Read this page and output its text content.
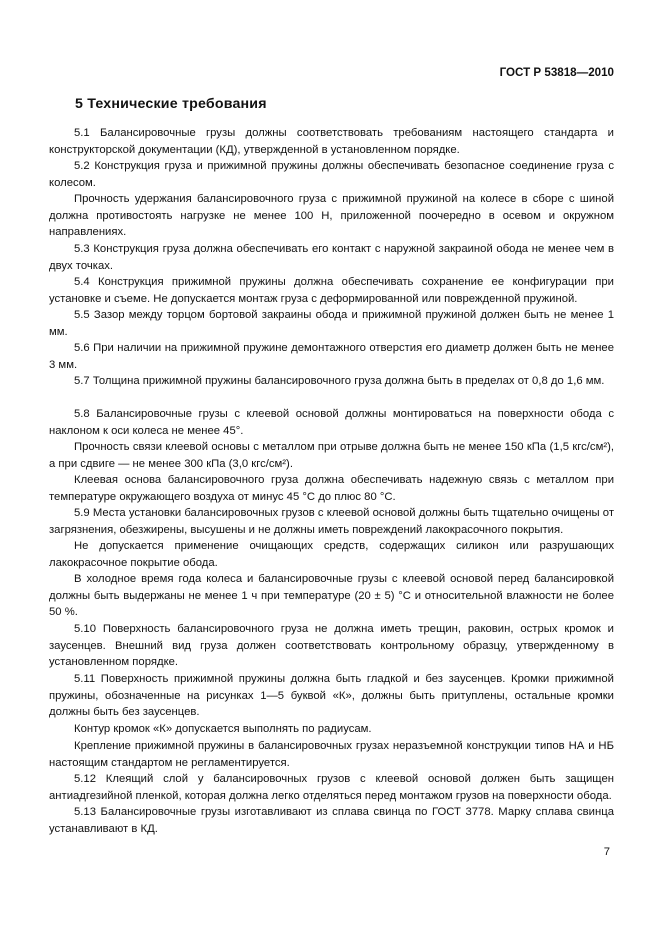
ГОСТ Р 53818—2010
5 Технические требования
5.1 Балансировочные грузы должны соответствовать требованиям настоящего стандарта и конструкторской документации (КД), утвержденной в установленном порядке.
5.2 Конструкция груза и прижимной пружины должны обеспечивать безопасное соединение груза с колесом.
Прочность удержания балансировочного груза с прижимной пружиной на колесе в сборе с шиной должна противостоять нагрузке не менее 100 Н, приложенной поочередно в осевом и окружном направлениях.
5.3 Конструкция груза должна обеспечивать его контакт с наружной закраиной обода не менее чем в двух точках.
5.4 Конструкция прижимной пружины должна обеспечивать сохранение ее конфигурации при установке и съеме. Не допускается монтаж груза с деформированной или поврежденной пружиной.
5.5 Зазор между торцом бортовой закраины обода и прижимной пружиной должен быть не менее 1 мм.
5.6 При наличии на прижимной пружине демонтажного отверстия его диаметр должен быть не менее 3 мм.
5.7 Толщина прижимной пружины балансировочного груза должна быть в пределах от 0,8 до 1,6 мм.
5.8 Балансировочные грузы с клеевой основой должны монтироваться на поверхности обода с наклоном к оси колеса не менее 45°.
Прочность связи клеевой основы с металлом при отрыве должна быть не менее 150 кПа (1,5 кгс/см²), а при сдвиге — не менее 300 кПа (3,0 кгс/см²).
Клеевая основа балансировочного груза должна обеспечивать надежную связь с металлом при температуре окружающего воздуха от минус 45 °С до плюс 80 °С.
5.9 Места установки балансировочных грузов с клеевой основой должны быть тщательно очищены от загрязнения, обезжирены, высушены и не должны иметь повреждений лакокрасочного покрытия.
Не допускается применение очищающих средств, содержащих силикон или разрушающих лакокрасочное покрытие обода.
В холодное время года колеса и балансировочные грузы с клеевой основой перед балансировкой должны быть выдержаны не менее 1 ч при температуре (20 ± 5) °С и относительной влажности не более 50 %.
5.10 Поверхность балансировочного груза не должна иметь трещин, раковин, острых кромок и заусенцев. Внешний вид груза должен соответствовать контрольному образцу, утвержденному в установленном порядке.
5.11 Поверхность прижимной пружины должна быть гладкой и без заусенцев. Кромки прижимной пружины, обозначенные на рисунках 1—5 буквой «К», должны быть притуплены, остальные кромки должны быть без заусенцев.
Контур кромок «К» допускается выполнять по радиусам.
Крепление прижимной пружины в балансировочных грузах неразъемной конструкции типов НА и НБ настоящим стандартом не регламентируется.
5.12 Клеящий слой у балансировочных грузов с клеевой основой должен быть защищен антиадгезийной пленкой, которая должна легко отделяться перед монтажом грузов на поверхности обода.
5.13 Балансировочные грузы изготавливают из сплава свинца по ГОСТ 3778. Марку сплава свинца устанавливают в КД.
7
